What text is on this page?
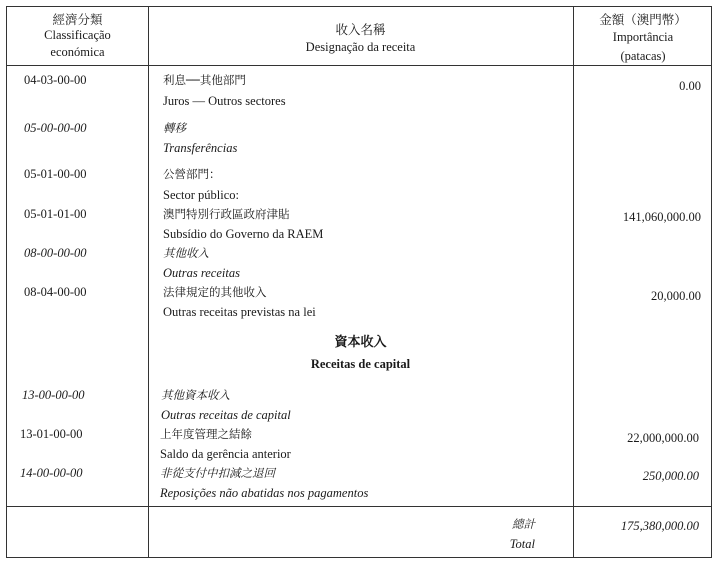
經濟分類
Classificação
económica
收入名稱
Designação da receita
金額（澳門幣）
Importância
(patacas)
04-03-00-00	利息──其他部門
Juros — Outros sectores
0.00
05-00-00-00	轉移
Transferências
05-01-00-00	公營部門：
Sector público:
05-01-01-00	澳門特別行政區政府津貼
Subsídio do Governo da RAEM
141,060,000.00
08-00-00-00	其他收入
Outras receitas
08-04-00-00	法律規定的其他收入
Outras receitas previstas na lei
20,000.00
資本收入
Receitas de capital
13-00-00-00	其他資本收入
Outras receitas de capital
13-01-00-00	上年度管理之結餘
Saldo da gerência anterior
22,000,000.00
14-00-00-00	非從支付中扣減之退回
Reposições não abatidas nos pagamentos
250,000.00
總計
Total
175,380,000.00
